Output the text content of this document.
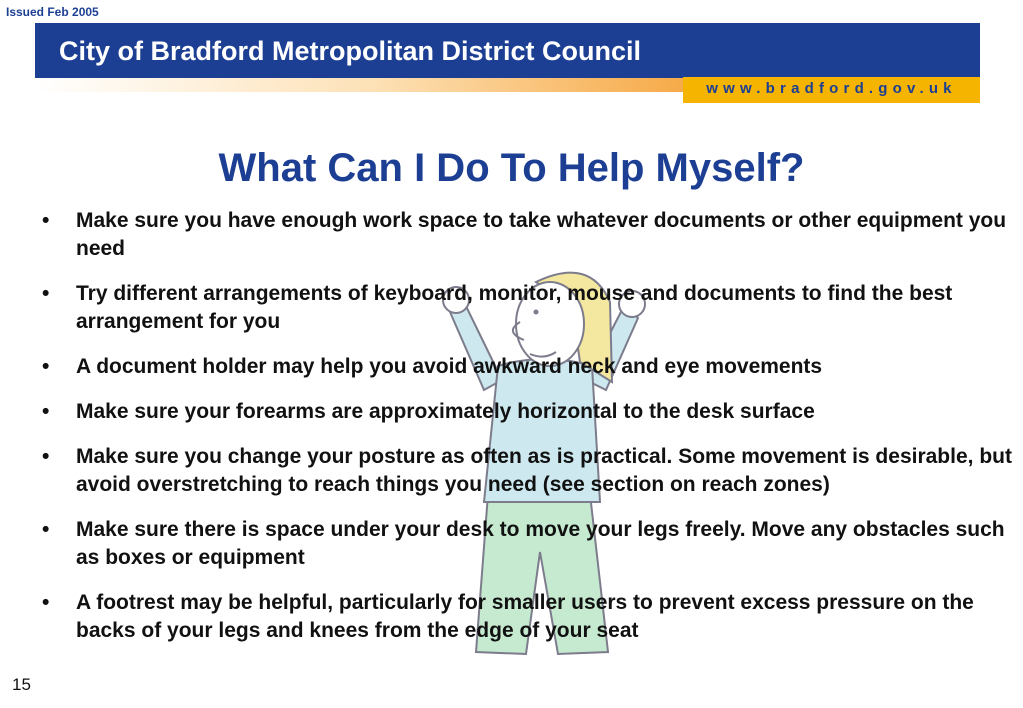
Issued Feb 2005
City of Bradford Metropolitan District Council
www.bradford.gov.uk
What Can I Do To Help Myself?
• Make sure you have enough work space to take whatever documents or other equipment you need
• Try different arrangements of keyboard, monitor, mouse and documents to find the best arrangement for you
• A document holder may help you avoid awkward neck and eye movements
• Make sure your forearms are approximately horizontal to the desk surface
• Make sure you change your posture as often as is practical. Some movement is desirable, but avoid overstretching to reach things you need (see section on reach zones)
• Make sure there is space under your desk to move your legs freely. Move any obstacles such as boxes or equipment
• A footrest may be helpful, particularly for smaller users to prevent excess pressure on the backs of your legs and knees from the edge of your seat
15
